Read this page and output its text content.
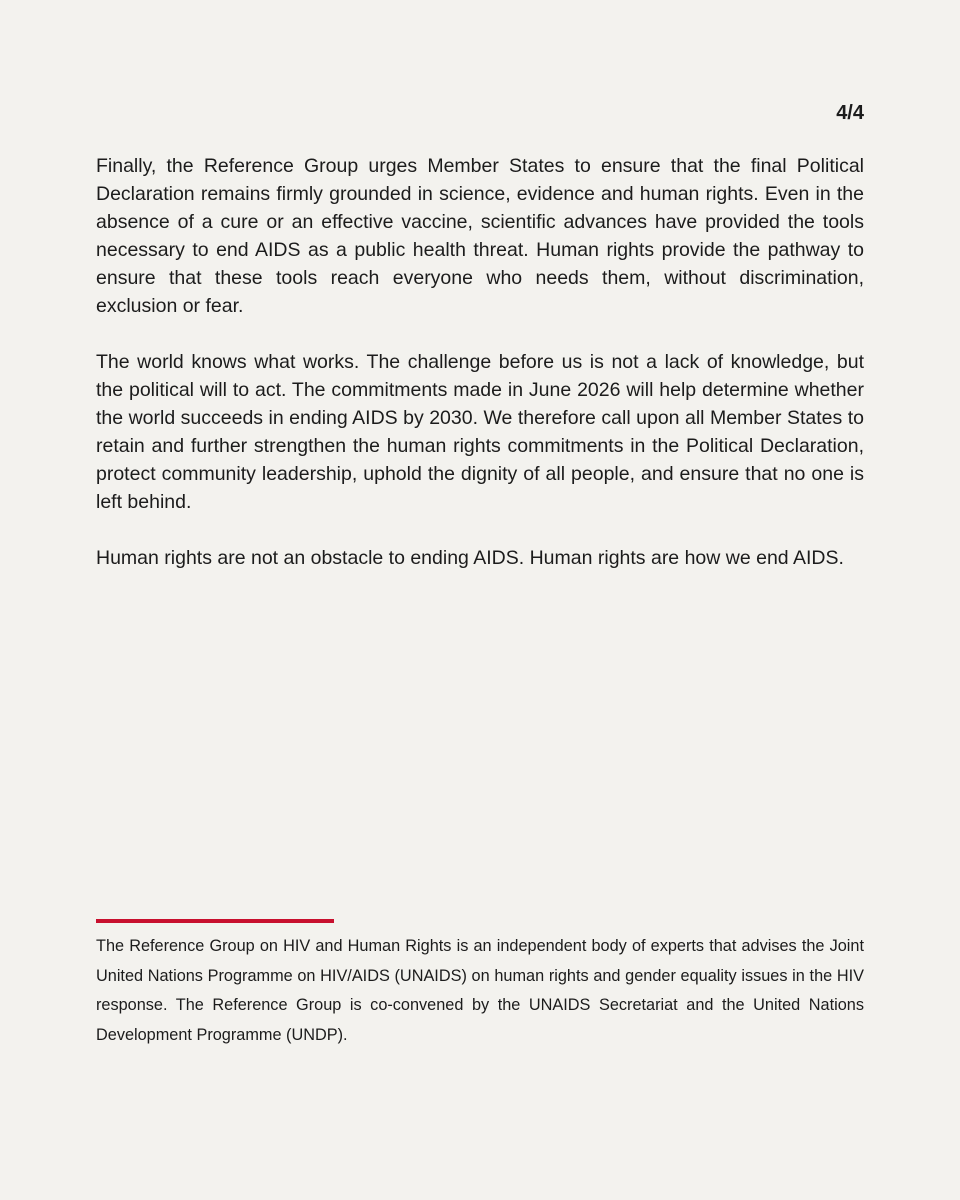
4/4

Finally, the Reference Group urges Member States to ensure that the final Political Declaration remains firmly grounded in science, evidence and human rights. Even in the absence of a cure or an effective vaccine, scientific advances have provided the tools necessary to end AIDS as a public health threat. Human rights provide the pathway to ensure that these tools reach everyone who needs them, without discrimination, exclusion or fear.

The world knows what works. The challenge before us is not a lack of knowledge, but the political will to act. The commitments made in June 2026 will help determine whether the world succeeds in ending AIDS by 2030. We therefore call upon all Member States to retain and further strengthen the human rights commitments in the Political Declaration, protect community leadership, uphold the dignity of all people, and ensure that no one is left behind.

Human rights are not an obstacle to ending AIDS. Human rights are how we end AIDS.

The Reference Group on HIV and Human Rights is an independent body of experts that advises the Joint United Nations Programme on HIV/AIDS (UNAIDS) on human rights and gender equality issues in the HIV response. The Reference Group is co-convened by the UNAIDS Secretariat and the United Nations Development Programme (UNDP).
